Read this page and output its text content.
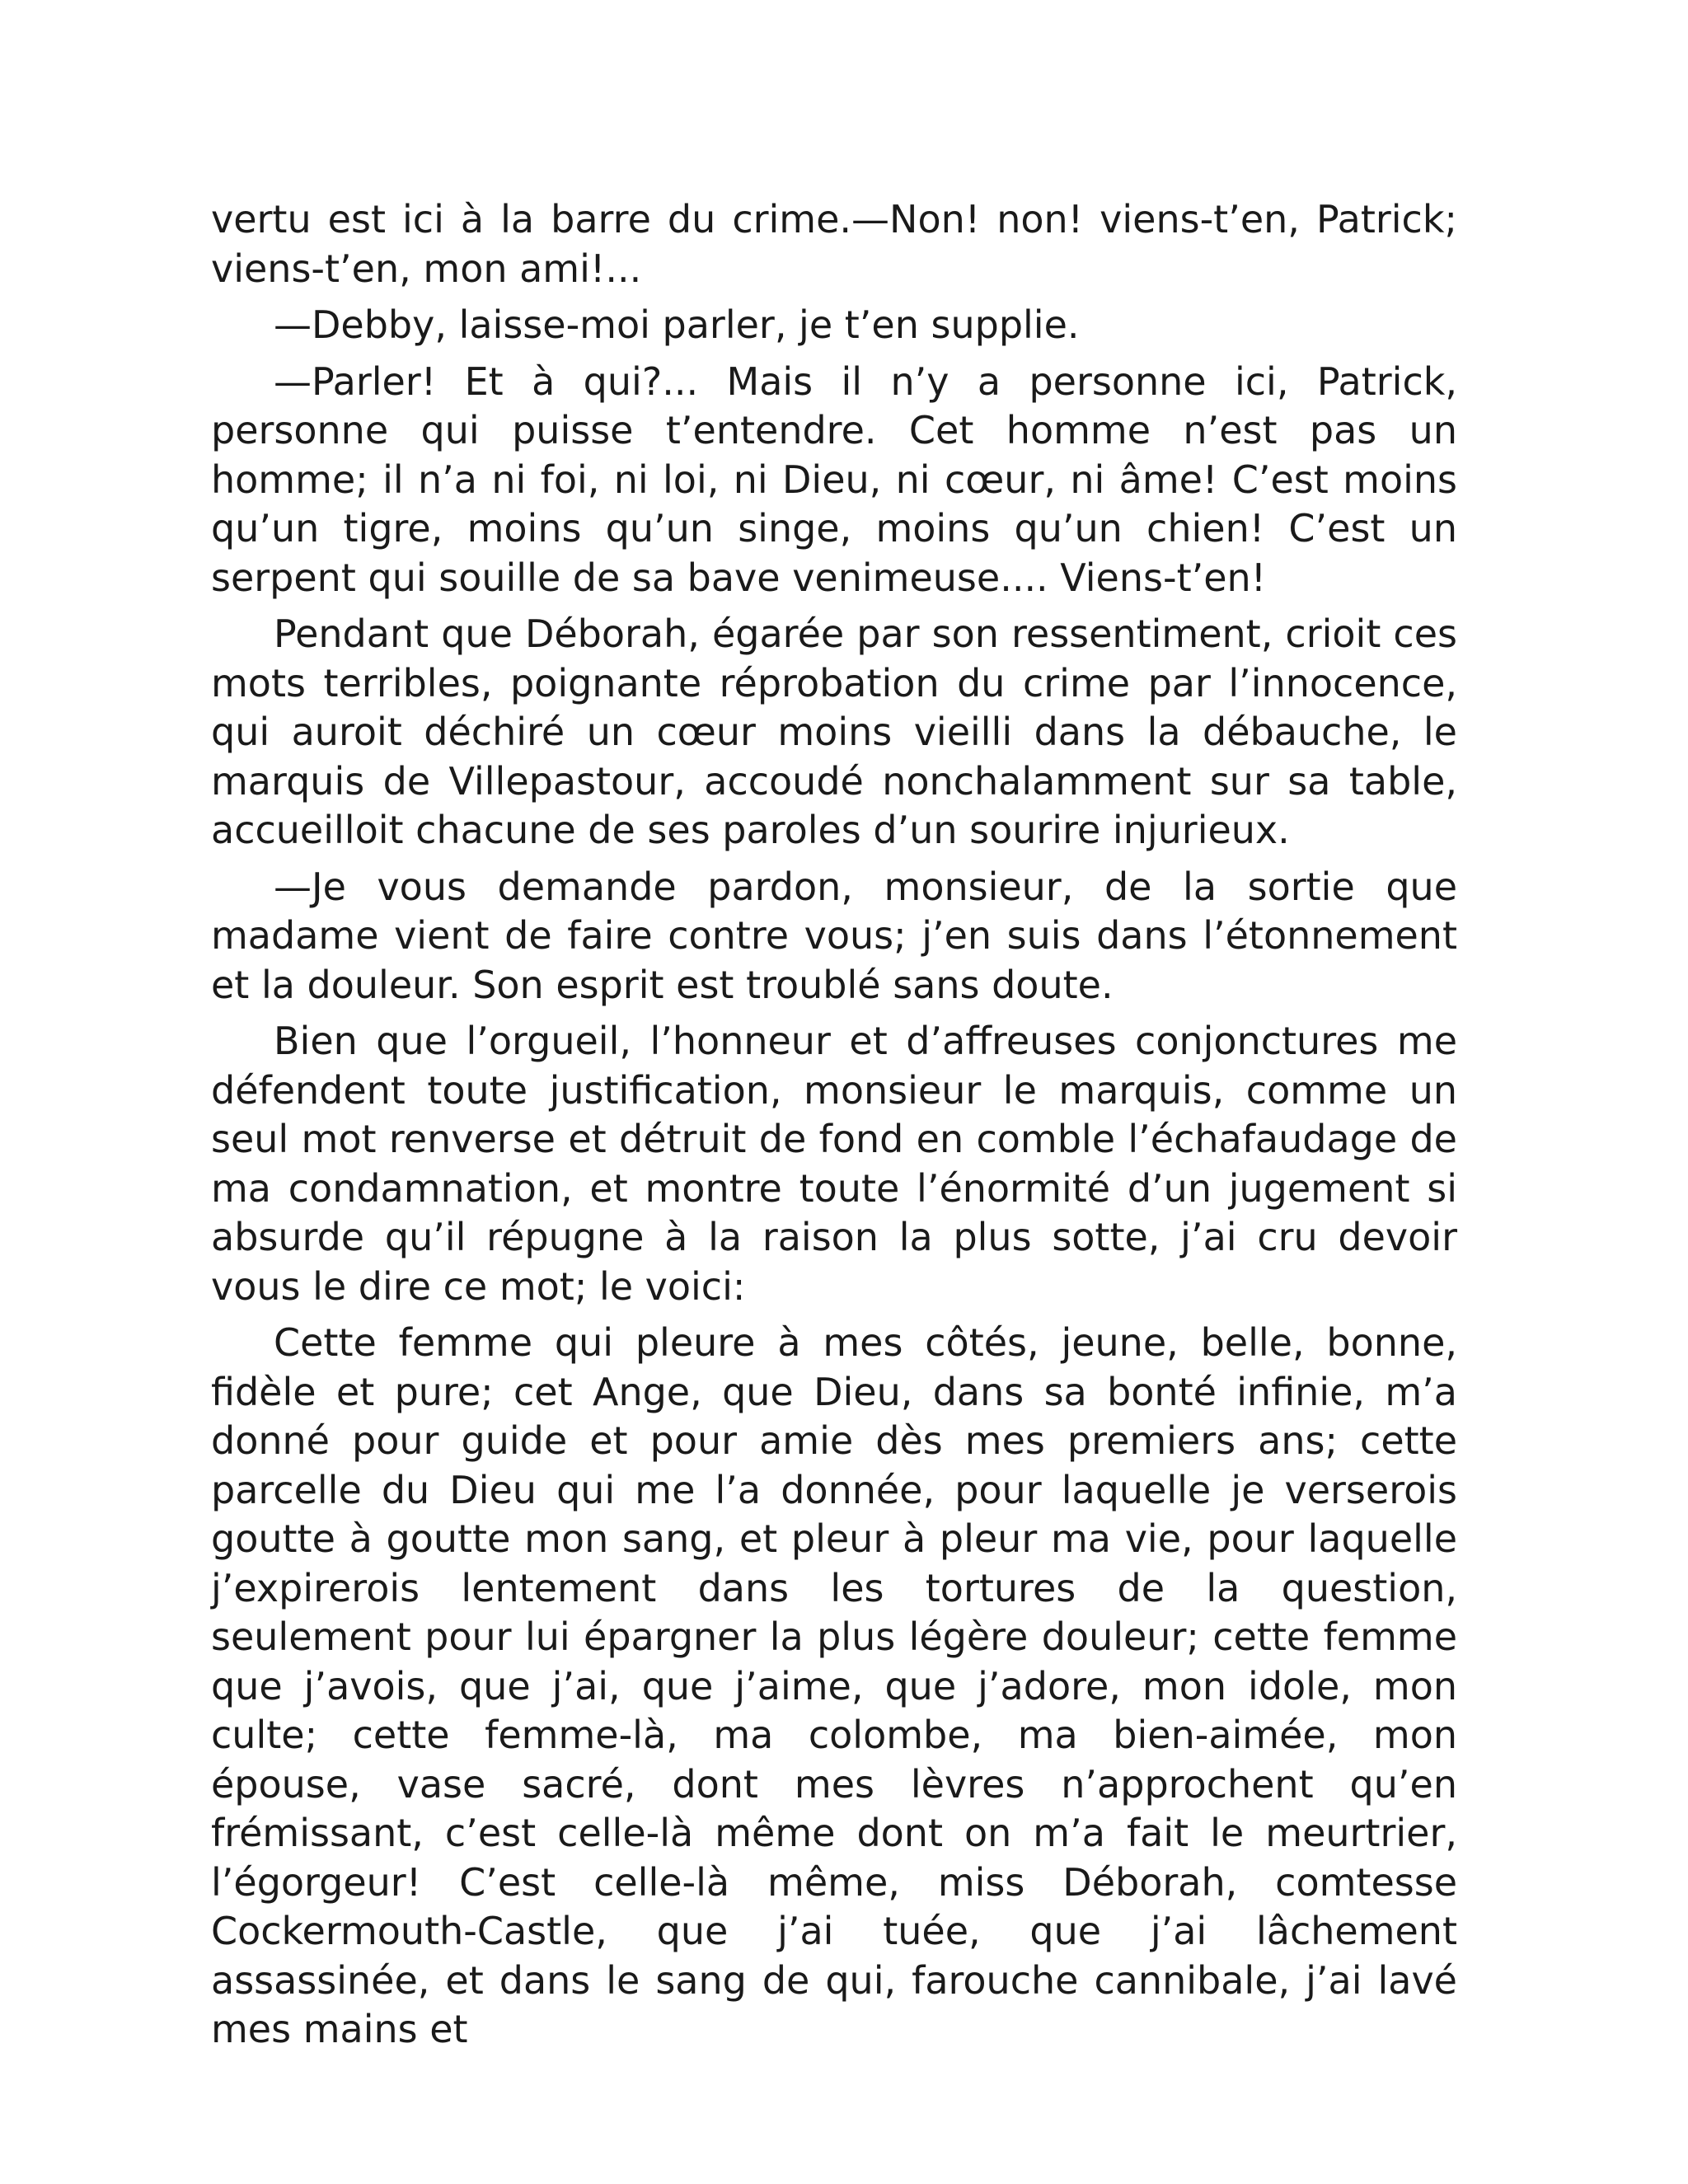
vertu est ici à la barre du crime.—Non! non! viens-t’en, Patrick; viens-t’en, mon ami!...

—Debby, laisse-moi parler, je t’en supplie.

—Parler! Et à qui?... Mais il n’y a personne ici, Patrick, personne qui puisse t’entendre. Cet homme n’est pas un homme; il n’a ni foi, ni loi, ni Dieu, ni cœur, ni âme! C’est moins qu’un tigre, moins qu’un singe, moins qu’un chien! C’est un serpent qui souille de sa bave venimeuse.... Viens-t’en!

Pendant que Déborah, égarée par son ressentiment, crioit ces mots terribles, poignante réprobation du crime par l’innocence, qui auroit déchiré un cœur moins vieilli dans la débauche, le marquis de Villepastour, accoudé nonchalamment sur sa table, accueilloit chacune de ses paroles d’un sourire injurieux.

—Je vous demande pardon, monsieur, de la sortie que madame vient de faire contre vous; j’en suis dans l’étonnement et la douleur. Son esprit est troublé sans doute.

Bien que l’orgueil, l’honneur et d’affreuses conjonctures me défendent toute justification, monsieur le marquis, comme un seul mot renverse et détruit de fond en comble l’échafaudage de ma condamnation, et montre toute l’énormité d’un jugement si absurde qu’il répugne à la raison la plus sotte, j’ai cru devoir vous le dire ce mot; le voici:

Cette femme qui pleure à mes côtés, jeune, belle, bonne, fidèle et pure; cet Ange, que Dieu, dans sa bonté infinie, m’a donné pour guide et pour amie dès mes premiers ans; cette parcelle du Dieu qui me l’a donnée, pour laquelle je verserois goutte à goutte mon sang, et pleur à pleur ma vie, pour laquelle j’expirerois lentement dans les tortures de la question, seulement pour lui épargner la plus légère douleur; cette femme que j’avois, que j’ai, que j’aime, que j’adore, mon idole, mon culte; cette femme-là, ma colombe, ma bien-aimée, mon épouse, vase sacré, dont mes lèvres n’approchent qu’en frémissant, c’est celle-là même dont on m’a fait le meurtrier, l’égorgeur! C’est celle-là même, miss Déborah, comtesse Cockermouth-Castle, que j’ai tuée, que j’ai lâchement assassinée, et dans le sang de qui, farouche cannibale, j’ai lavé mes mains et
